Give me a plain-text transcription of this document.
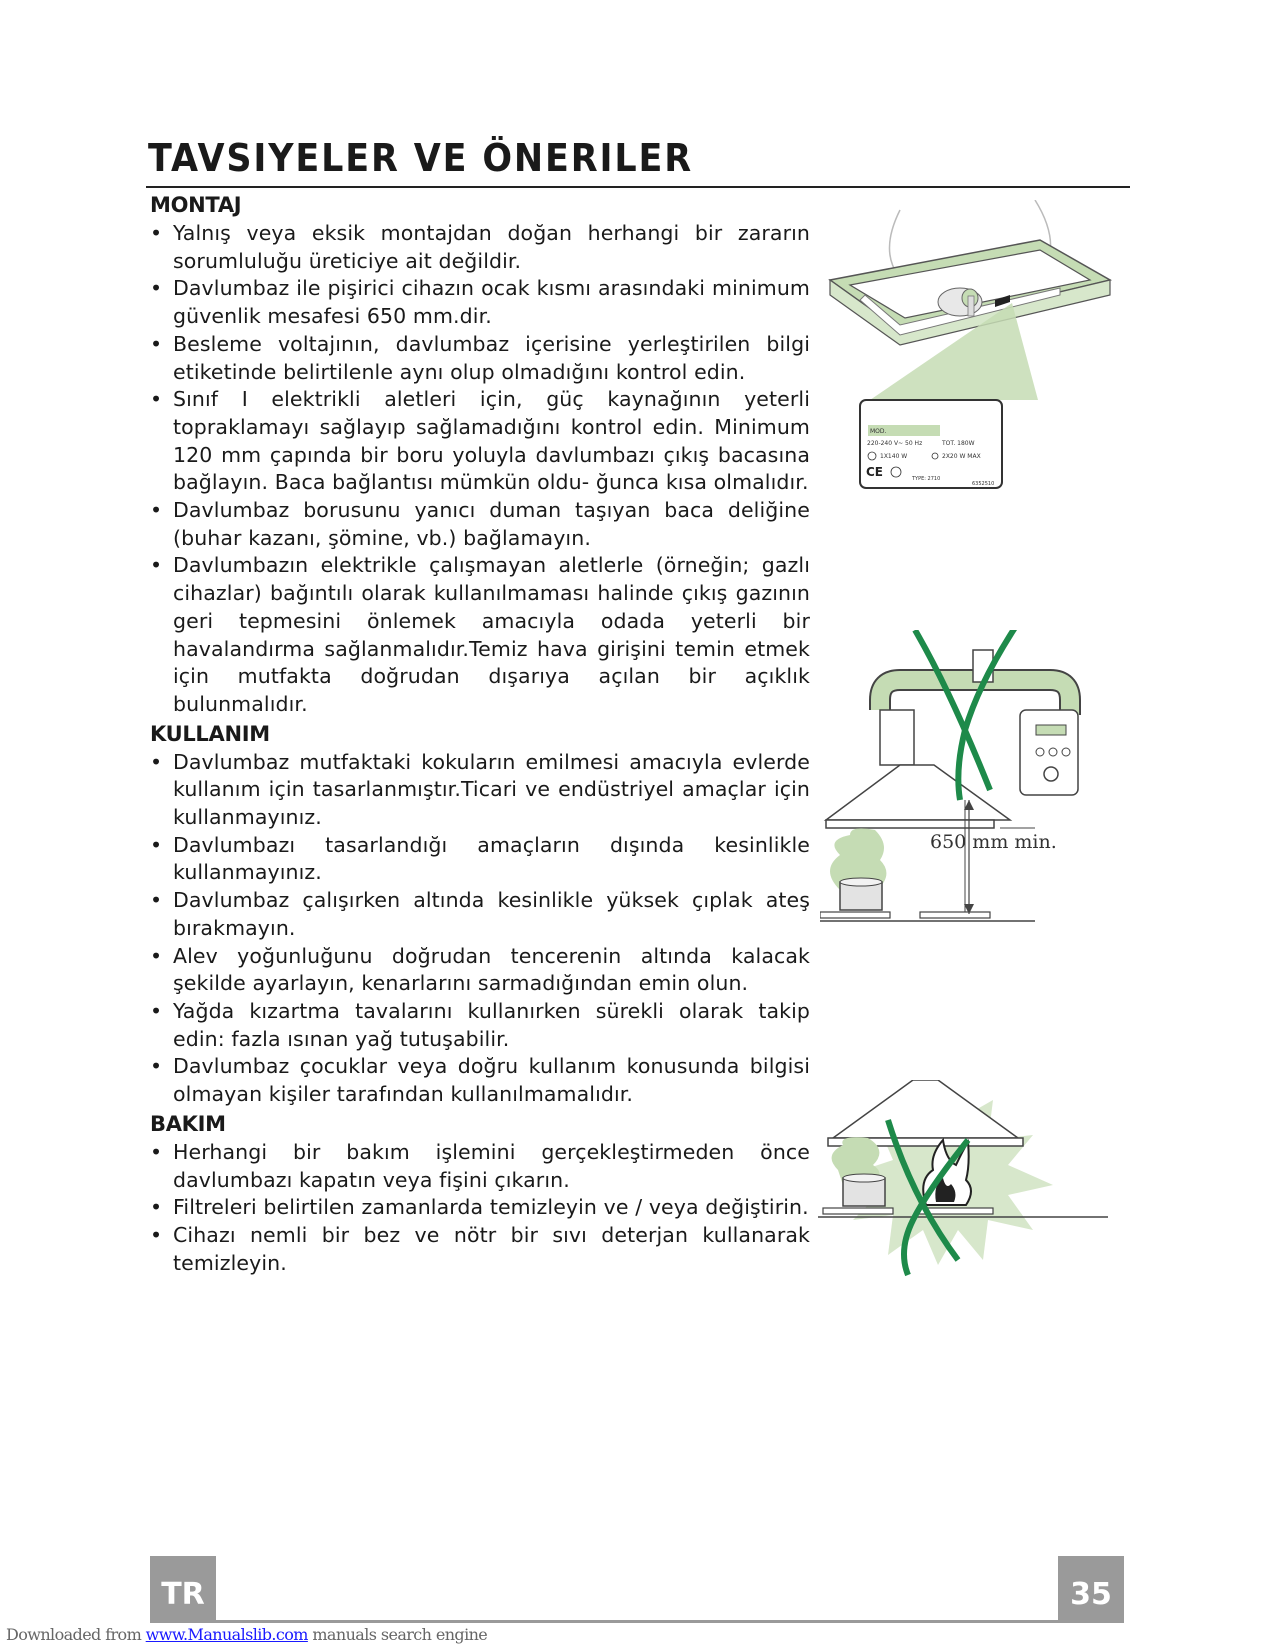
TAVSIYELER VE ÖNERILER
MONTAJ
• Yalnış veya eksik montajdan doğan herhangi bir zararın sorumluluğu üreticiye ait değildir.
• Davlumbaz ile pişirici cihazın ocak kısmı arasındaki minimum güvenlik mesafesi 650 mm.dir.
• Besleme voltajının, davlumbaz içerisine yerleştirilen bilgi etiketinde belirtilenle aynı olup olmadığını kontrol edin.
• Sınıf I elektrikli aletleri için, güç kaynağının yeterli topraklamayı sağlayıp sağlamadığını kontrol edin. Minimum 120 mm çapında bir boru yoluyla davlumbazı çıkış bacasına bağlayın. Baca bağlantısı mümkün oldu- ğunca kısa olmalıdır.
• Davlumbaz borusunu yanıcı duman taşıyan baca deliğine (buhar kazanı, şömine, vb.) bağlamayın.
• Davlumbazın elektrikle çalışmayan aletlerle (örneğin; gazlı cihazlar) bağıntılı olarak kullanılmaması halinde çıkış gazının geri tepmesini önlemek amacıyla odada yeterli bir havalandırma sağlanmalıdır.Temiz hava girişini temin etmek için mutfakta doğrudan dışarıya açılan bir açıklık bulunmalıdır.
KULLANIM
• Davlumbaz mutfaktaki kokuların emilmesi amacıyla evlerde kullanım için tasarlanmıştır.Ticari ve endüstriyel amaçlar için kullanmayınız.
• Davlumbazı tasarlandığı amaçların dışında kesinlikle kullanmayınız.
• Davlumbaz çalışırken altında kesinlikle yüksek çıplak ateş bırakmayın.
• Alev yoğunluğunu doğrudan tencerenin altında kalacak şekilde ayarlayın, kenarlarını sarmadığından emin olun.
• Yağda kızartma tavalarını kullanırken sürekli olarak takip edin: fazla ısınan yağ tutuşabilir.
• Davlumbaz çocuklar veya doğru kullanım konusunda bilgisi olmayan kişiler tarafından kullanılmamalıdır.
BAKIM
• Herhangi bir bakım işlemini gerçekleştirmeden önce davlumbazı kapatın veya fişini çıkarın.
• Filtreleri belirtilen zamanlarda temizleyin ve / veya değiştirin.
• Cihazı nemli bir bez ve nötr bir sıvı deterjan kullanarak temizleyin.
MOD.
220-240 V~ 50 Hz	TOT. 180W
1X140 W	2X20 W MAX
CE	TYPE: 2710
6352510
650 mm min.
TR	35
Downloaded from www.Manualslib.com manuals search engine
